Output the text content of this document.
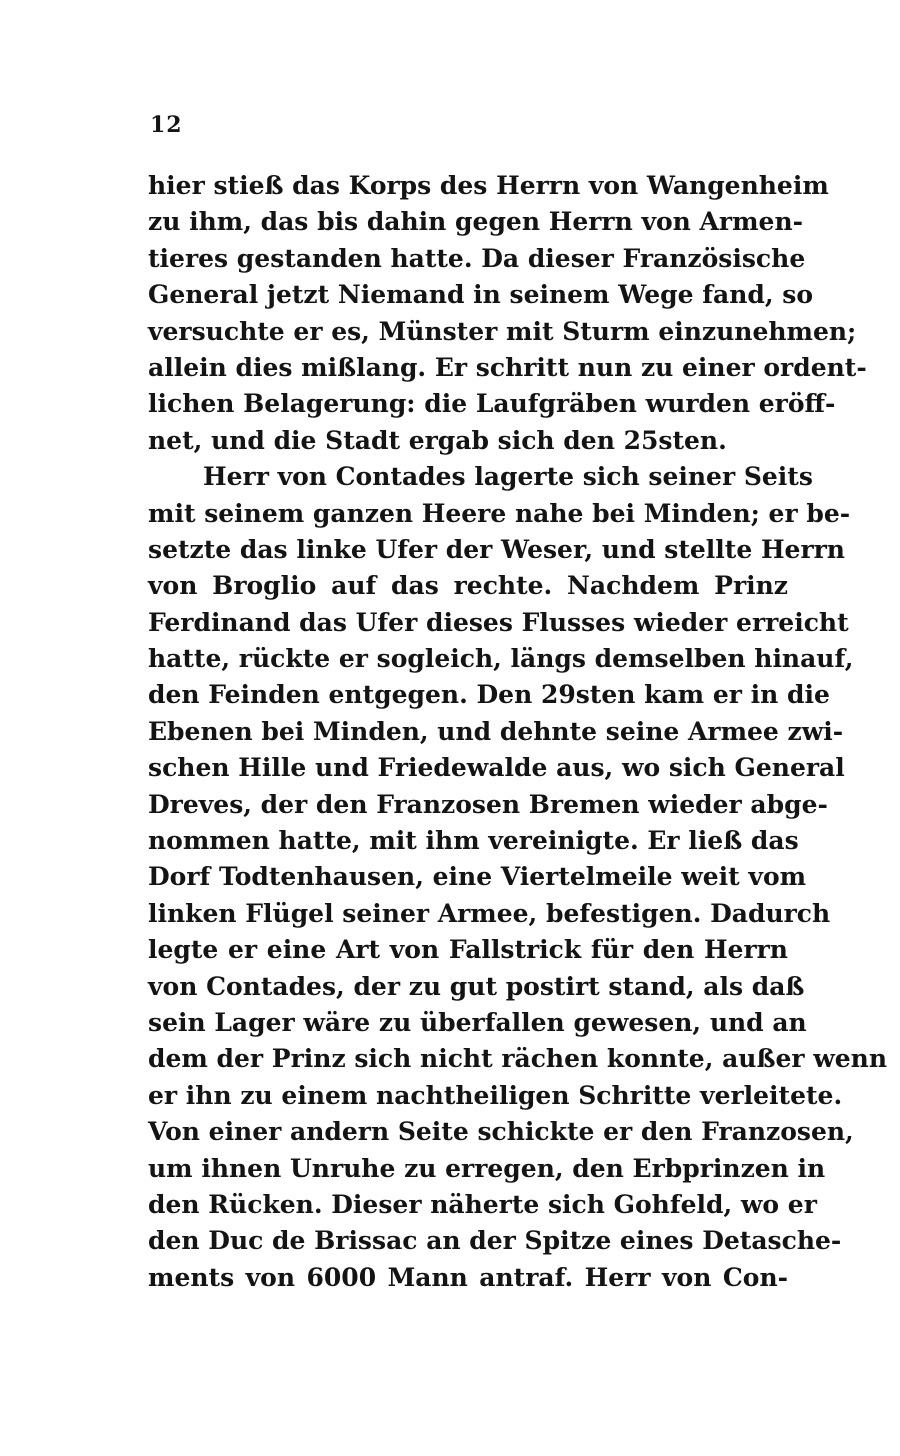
12
hier stieß das Korps des Herrn von Wangenheim
zu ihm, das bis dahin gegen Herrn von Armen-
tieres gestanden hatte. Da dieser Französische
General jetzt Niemand in seinem Wege fand, so
versuchte er es, Münster mit Sturm einzunehmen;
allein dies mißlang. Er schritt nun zu einer ordent-
lichen Belagerung: die Laufgräben wurden eröff-
net, und die Stadt ergab sich den 25sten.
Herr von Contades lagerte sich seiner Seits
mit seinem ganzen Heere nahe bei Minden; er be-
setzte das linke Ufer der Weser, und stellte Herrn
von Broglio auf das rechte. Nachdem Prinz
Ferdinand das Ufer dieses Flusses wieder erreicht
hatte, rückte er sogleich, längs demselben hinauf,
den Feinden entgegen. Den 29sten kam er in die
Ebenen bei Minden, und dehnte seine Armee zwi-
schen Hille und Friedewalde aus, wo sich General
Dreves, der den Franzosen Bremen wieder abge-
nommen hatte, mit ihm vereinigte. Er ließ das
Dorf Todtenhausen, eine Viertelmeile weit vom
linken Flügel seiner Armee, befestigen. Dadurch
legte er eine Art von Fallstrick für den Herrn
von Contades, der zu gut postirt stand, als daß
sein Lager wäre zu überfallen gewesen, und an
dem der Prinz sich nicht rächen konnte, außer wenn
er ihn zu einem nachtheiligen Schritte verleitete.
Von einer andern Seite schickte er den Franzosen,
um ihnen Unruhe zu erregen, den Erbprinzen in
den Rücken. Dieser näherte sich Gohfeld, wo er
den Duc de Brissac an der Spitze eines Detasche-
ments von 6000 Mann antraf. Herr von Con-
